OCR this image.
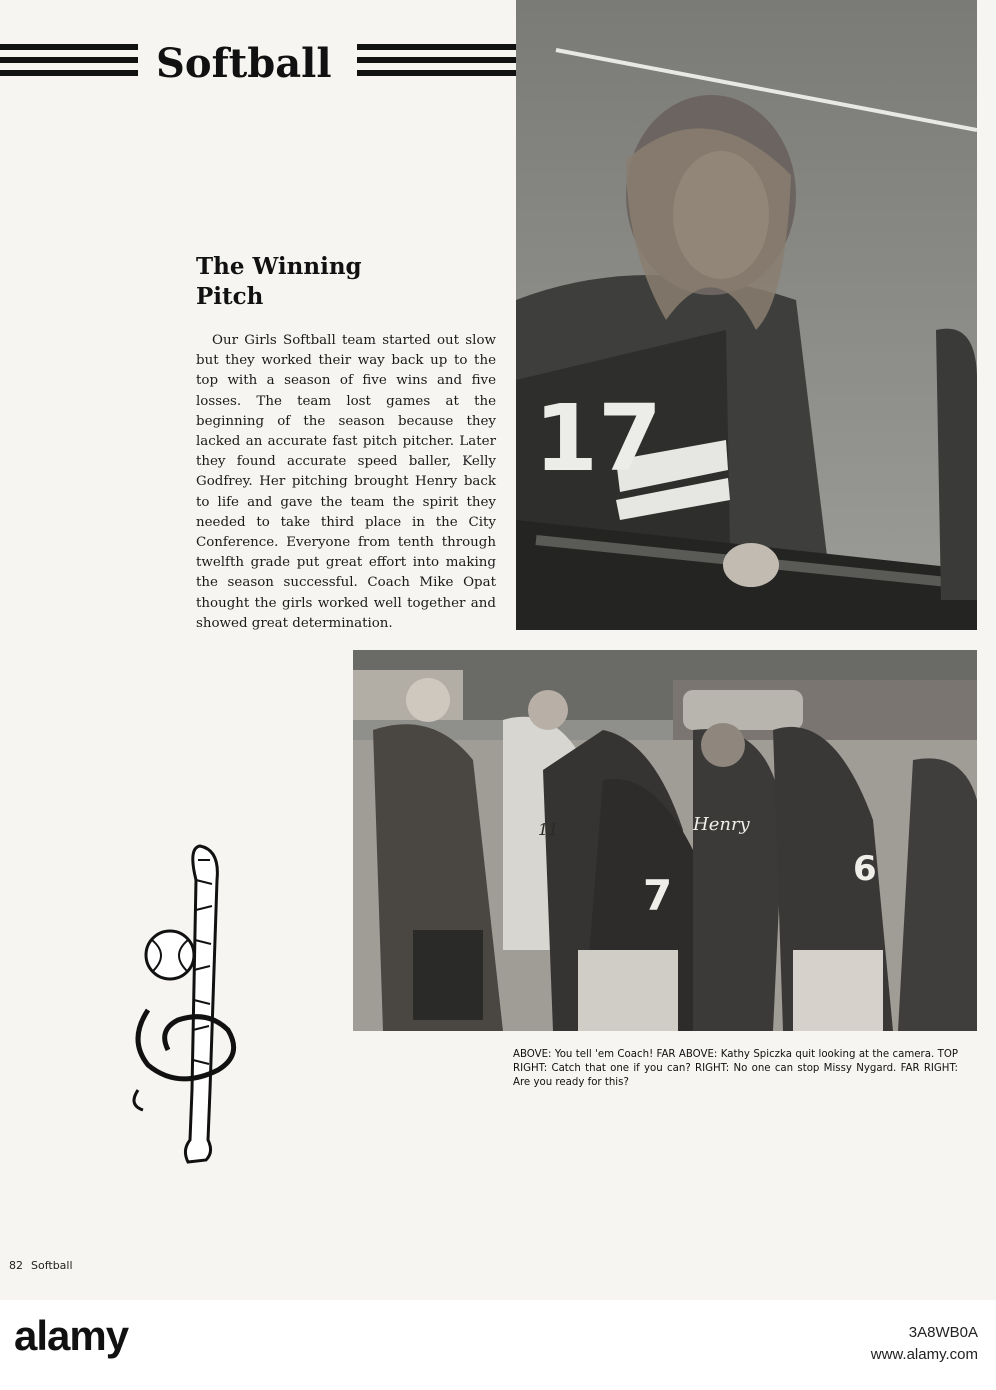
Softball
17
The Winning
Pitch
Our Girls Softball team started out slow but they worked their way back up to the top with a season of five wins and five losses. The team lost games at the beginning of the season because they lacked an accurate fast pitch pitcher. Later they found accurate speed baller, Kelly Godfrey. Her pitching brought Henry back to life and gave the team the spirit they needed to take third place in the City Conference. Everyone from tenth through twelfth grade put great effort into making the season successful. Coach Mike Opat thought the girls worked well together and showed great determination.
7
6
11	Henry
ABOVE: You tell 'em Coach! FAR ABOVE: Kathy Spiczka quit looking at the camera. TOP RIGHT: Catch that one if you can? RIGHT: No one can stop Missy Nygard. FAR RIGHT: Are you ready for this?
82 Softball
alamy	3A8WB0A
www.alamy.com
